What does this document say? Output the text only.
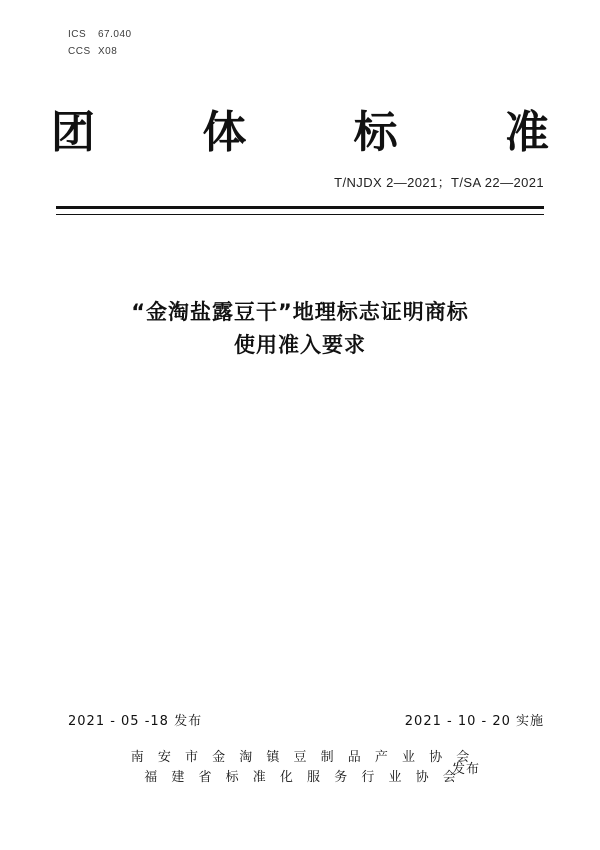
ICS 67.040
CCS X08
团 体 标 准
T/NJDX 2—2021；T/SA 22—2021
“金淘盐露豆干”地理标志证明商标
使用准入要求
2021 - 05 -18 发布	2021 - 10 - 20 实施
南 安 市 金 淘 镇 豆 制 品 产 业 协 会
福 建 省 标 准 化 服 务 行 业 协 会
发布
